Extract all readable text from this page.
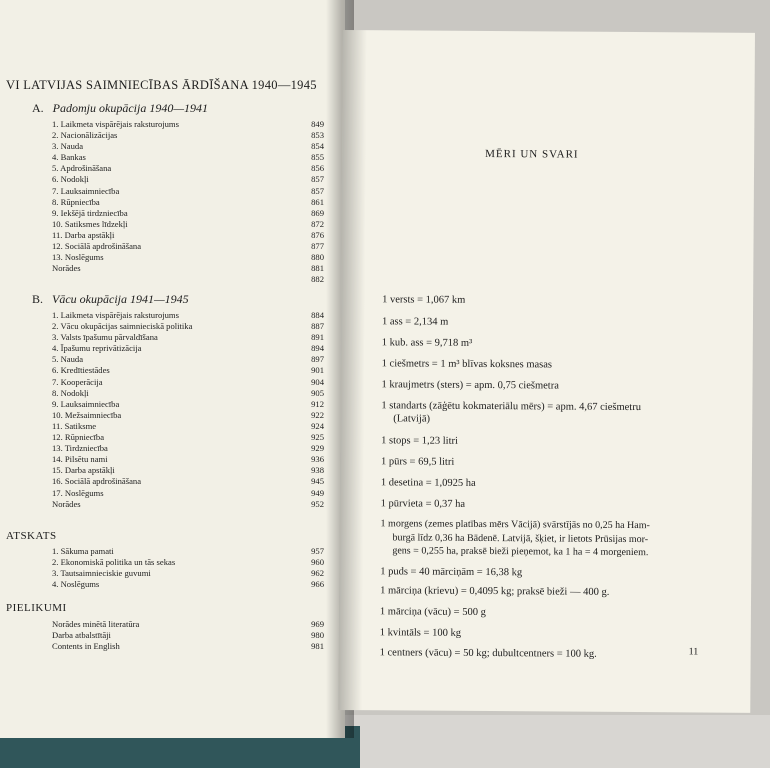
VI LATVIJAS SAIMNIECĪBAS ĀRDĪŠANA 1940—1945
A. Padomju okupācija 1940—1941
1. Laikmeta vispārējais raksturojums	849
2. Nacionālizācijas	853
3. Nauda	854
4. Bankas	855
5. Apdrošināšana	856
6. Nodokļi	857
7. Lauksaimniecība	857
8. Rūpniecība	861
9. Iekšējā tirdzniecība	869
10. Satiksmes līdzekļi	872
11. Darba apstākļi	876
12. Sociālā apdrošināšana	877
13. Noslēgums	880
Norādes	881
882
B. Vācu okupācija 1941—1945
1. Laikmeta vispārējais raksturojums	884
2. Vācu okupācijas saimnieciskā politika	887
3. Valsts īpašumu pārvaldīšana	891
4. Īpašumu reprivātizācija	894
5. Nauda	897
6. Kredītiestādes	901
7. Kooperācija	904
8. Nodokļi	905
9. Lauksaimniecība	912
10. Mežsaimniecība	922
11. Satiksme	924
12. Rūpniecība	925
13. Tirdzniecība	929
14. Pilsētu nami	936
15. Darba apstākļi	938
16. Sociālā apdrošināšana	945
17. Noslēgums	949
Norādes	952
ATSKATS
1. Sākuma pamati	957
2. Ekonomiskā politika un tās sekas	960
3. Tautsaimnieciskie guvumi	962
4. Noslēgums	966
PIELIKUMI
Norādes minētā literatūra	969
Darba atbalstītāji	980
Contents in English	981
MĒRI UN SVARI
1 versts = 1,067 km
1 ass = 2,134 m
1 kub. ass = 9,718 m³
1 ciešmetrs = 1 m³ blīvas koksnes masas
1 kraujmetrs (sters) = apm. 0,75 ciešmetra
1 standarts (zāģētu kokmateriālu mērs) = apm. 4,67 ciešmetru
(Latvijā)
1 stops = 1,23 litri
1 pūrs = 69,5 litri
1 desetina = 1,0925 ha
1 pūrvieta = 0,37 ha
1 morgens (zemes platības mērs Vācijā) svārstījās no 0,25 ha Ham-
burgā līdz 0,36 ha Bādenē. Latvijā, šķiet, ir lietots Prūsijas mor-
gens = 0,255 ha, praksē bieži pieņemot, ka 1 ha = 4 morgeniem.
1 puds = 40 mārciņām = 16,38 kg
1 mārciņa (krievu) = 0,4095 kg; praksē bieži — 400 g.
1 mārciņa (vācu) = 500 g
1 kvintāls = 100 kg
1 centners (vācu) = 50 kg; dubultcentners = 100 kg.	11
